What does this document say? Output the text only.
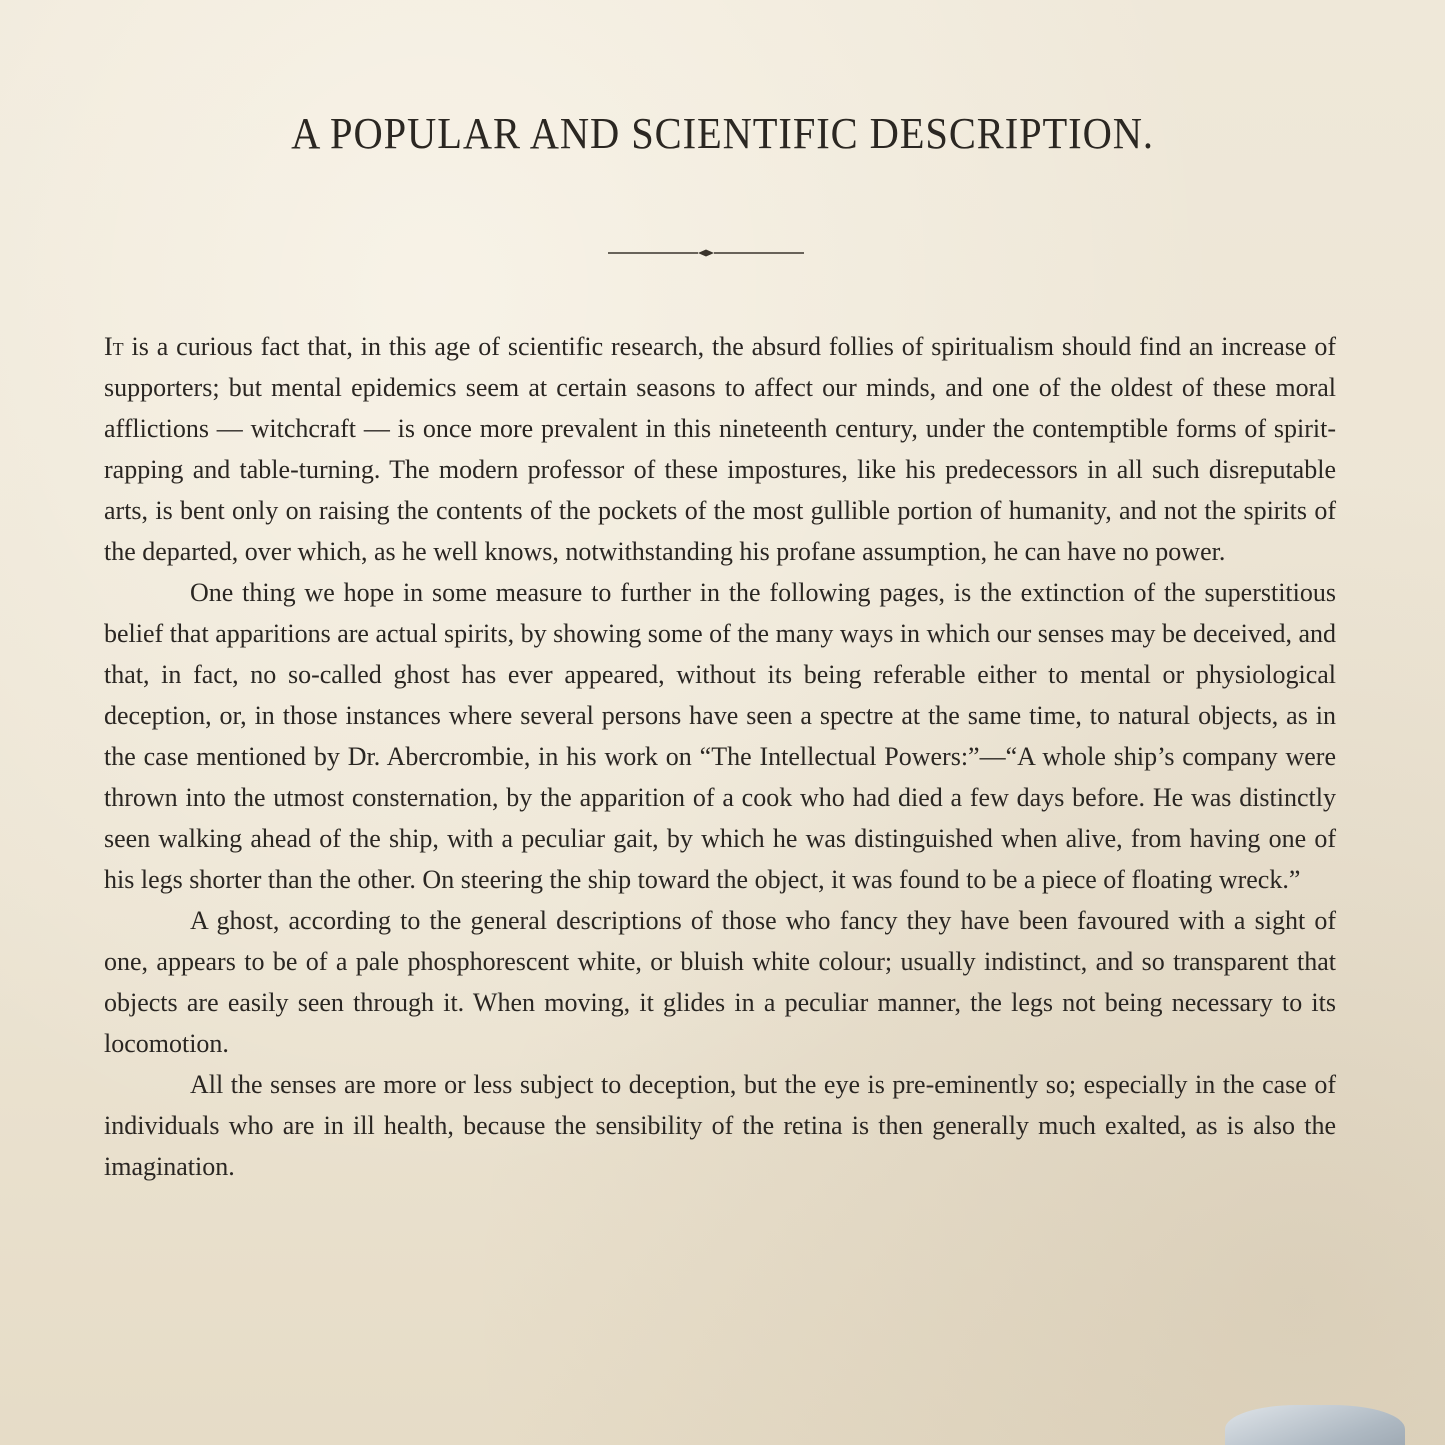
A POPULAR AND SCIENTIFIC DESCRIPTION.

It is a curious fact that, in this age of scientific research, the absurd follies of spiritualism should find an increase of supporters; but mental epidemics seem at certain seasons to affect our minds, and one of the oldest of these moral afflictions — witchcraft — is once more prevalent in this nineteenth century, under the contemptible forms of spirit-rapping and table-turning. The modern professor of these impostures, like his predecessors in all such disreputable arts, is bent only on raising the contents of the pockets of the most gullible portion of humanity, and not the spirits of the departed, over which, as he well knows, notwithstanding his profane assumption, he can have no power.

One thing we hope in some measure to further in the following pages, is the extinction of the superstitious belief that apparitions are actual spirits, by showing some of the many ways in which our senses may be deceived, and that, in fact, no so-called ghost has ever appeared, without its being referable either to mental or physiological deception, or, in those instances where several persons have seen a spectre at the same time, to natural objects, as in the case mentioned by Dr. Abercrombie, in his work on “The Intellectual Powers:”—“A whole ship’s company were thrown into the utmost consternation, by the apparition of a cook who had died a few days before. He was distinctly seen walking ahead of the ship, with a peculiar gait, by which he was distinguished when alive, from having one of his legs shorter than the other. On steering the ship toward the object, it was found to be a piece of floating wreck.”

A ghost, according to the general descriptions of those who fancy they have been favoured with a sight of one, appears to be of a pale phosphorescent white, or bluish white colour; usually indistinct, and so transparent that objects are easily seen through it. When moving, it glides in a peculiar manner, the legs not being necessary to its locomotion.

All the senses are more or less subject to deception, but the eye is pre-eminently so; especially in the case of individuals who are in ill health, because the sensibility of the retina is then generally much exalted, as is also the imagination.
